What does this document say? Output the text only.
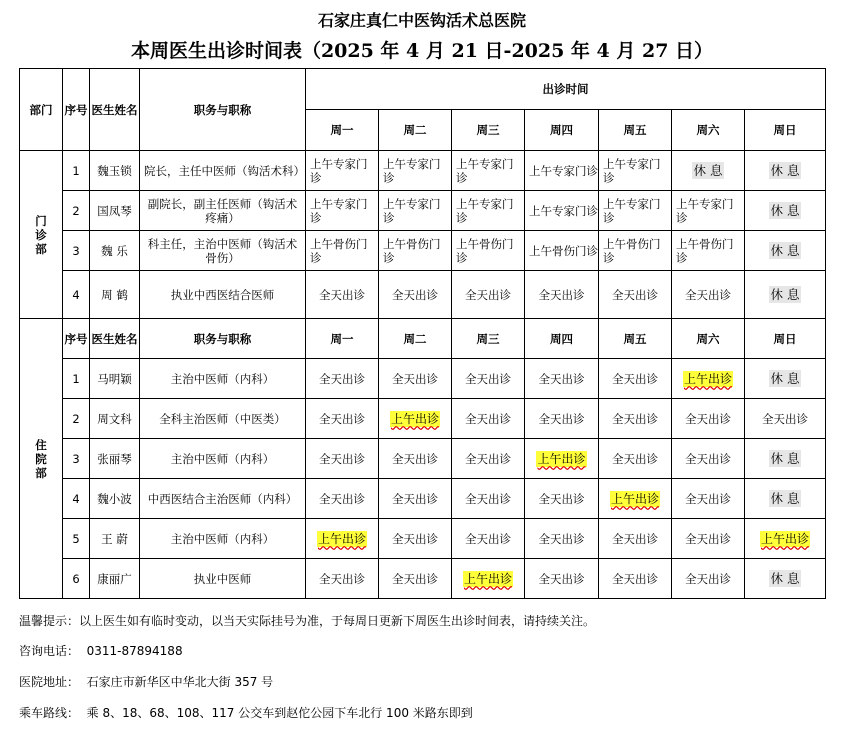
石家庄真仁中医钩活术总医院
本周医生出诊时间表（2025 年 4 月 21 日-2025 年 4 月 27 日）
部门	序号	医生姓名	职务与职称	出诊时间						
				周一	周二	周三	周四	周五	周六	周日
门诊部	1	魏玉锁	院长，主任中医师（钩活术科）	上午专家门诊	上午专家门诊	上午专家门诊	上午专家门诊	上午专家门诊	休 息	休 息
	2	国凤琴	副院长，副主任医师（钩活术 疼痛）	上午专家门诊	上午专家门诊	上午专家门诊	上午专家门诊	上午专家门诊	上午专家门诊	休 息
	3	魏 乐	科主任，主治中医师（钩活术骨伤）	上午骨伤门诊	上午骨伤门诊	上午骨伤门诊	上午骨伤门诊	上午骨伤门诊	上午骨伤门诊	休 息
	4	周 鹤	执业中西医结合医师	全天出诊	全天出诊	全天出诊	全天出诊	全天出诊	全天出诊	休 息
住院部	序号	医生姓名	职务与职称	周一	周二	周三	周四	周五	周六	周日
	1	马明颖	主治中医师（内科）	全天出诊	全天出诊	全天出诊	全天出诊	全天出诊	上午出诊	休 息
	2	周文科	全科主治医师（中医类）	全天出诊	上午出诊	全天出诊	全天出诊	全天出诊	全天出诊	全天出诊
	3	张丽琴	主治中医师（内科）	全天出诊	全天出诊	全天出诊	上午出诊	全天出诊	全天出诊	休 息
	4	魏小波	中西医结合主治医师（内科）	全天出诊	全天出诊	全天出诊	全天出诊	上午出诊	全天出诊	休 息
	5	王 蔚	主治中医师（内科）	上午出诊	全天出诊	全天出诊	全天出诊	全天出诊	全天出诊	上午出诊
	6	康丽广	执业中医师	全天出诊	全天出诊	上午出诊	全天出诊	全天出诊	全天出诊	休 息
温馨提示：以上医生如有临时变动，以当天实际挂号为准，于每周日更新下周医生出诊时间表，请持续关注。
咨询电话：  0311-87894188
医院地址：  石家庄市新华区中华北大街 357 号
乘车路线：  乘 8、18、68、108、117 公交车到赵佗公园下车北行 100 米路东即到
